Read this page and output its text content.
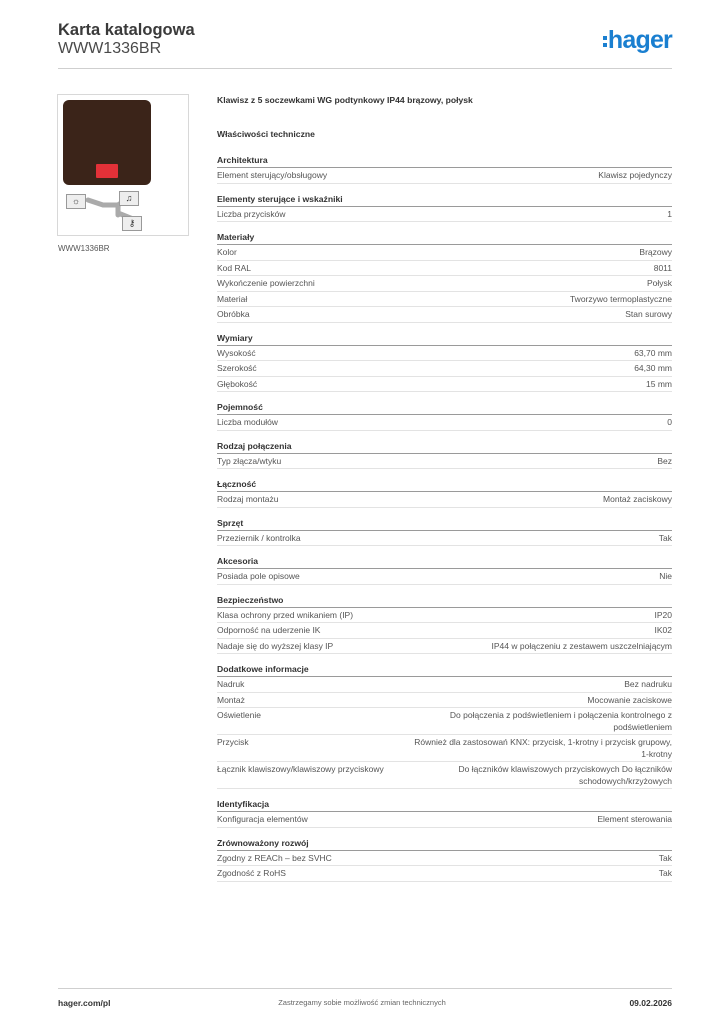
Karta katalogowa
WWW1336BR	hager
☼	♫
⚷
WWW1336BR
Klawisz z 5 soczewkami WG podtynkowy IP44 brązowy, połysk
Właściwości techniczne
Architektura
Element sterujący/obsługowy	Klawisz pojedynczy
Elementy sterujące i wskaźniki
Liczba przycisków	1
Materiały
Kolor	Brązowy
Kod RAL	8011
Wykończenie powierzchni	Połysk
Materiał	Tworzywo termoplastyczne
Obróbka	Stan surowy
Wymiary
Wysokość	63,70 mm
Szerokość	64,30 mm
Głębokość	15 mm
Pojemność
Liczba modułów	0
Rodzaj połączenia
Typ złącza/wtyku	Bez
Łączność
Rodzaj montażu	Montaż zaciskowy
Sprzęt
Przeziernik / kontrolka	Tak
Akcesoria
Posiada pole opisowe	Nie
Bezpieczeństwo
Klasa ochrony przed wnikaniem (IP)	IP20
Odporność na uderzenie IK	IK02
Nadaje się do wyższej klasy IP	IP44 w połączeniu z zestawem uszczelniającym
Dodatkowe informacje
Nadruk	Bez nadruku
Montaż	Mocowanie zaciskowe
Oświetlenie	Do połączenia z podświetleniem i połączenia kontrolnego z podświetleniem
Przycisk	Również dla zastosowań KNX: przycisk, 1-krotny i przycisk grupowy, 1-krotny
Łącznik klawiszowy/klawiszowy przyciskowy	Do łączników klawiszowych przyciskowych Do łączników schodowych/krzyżowych
Identyfikacja
Konfiguracja elementów	Element sterowania
Zrównoważony rozwój
Zgodny z REACh – bez SVHC	Tak
Zgodność z RoHS	Tak
hager.com/pl	Zastrzegamy sobie możliwość zmian technicznych	09.02.2026
